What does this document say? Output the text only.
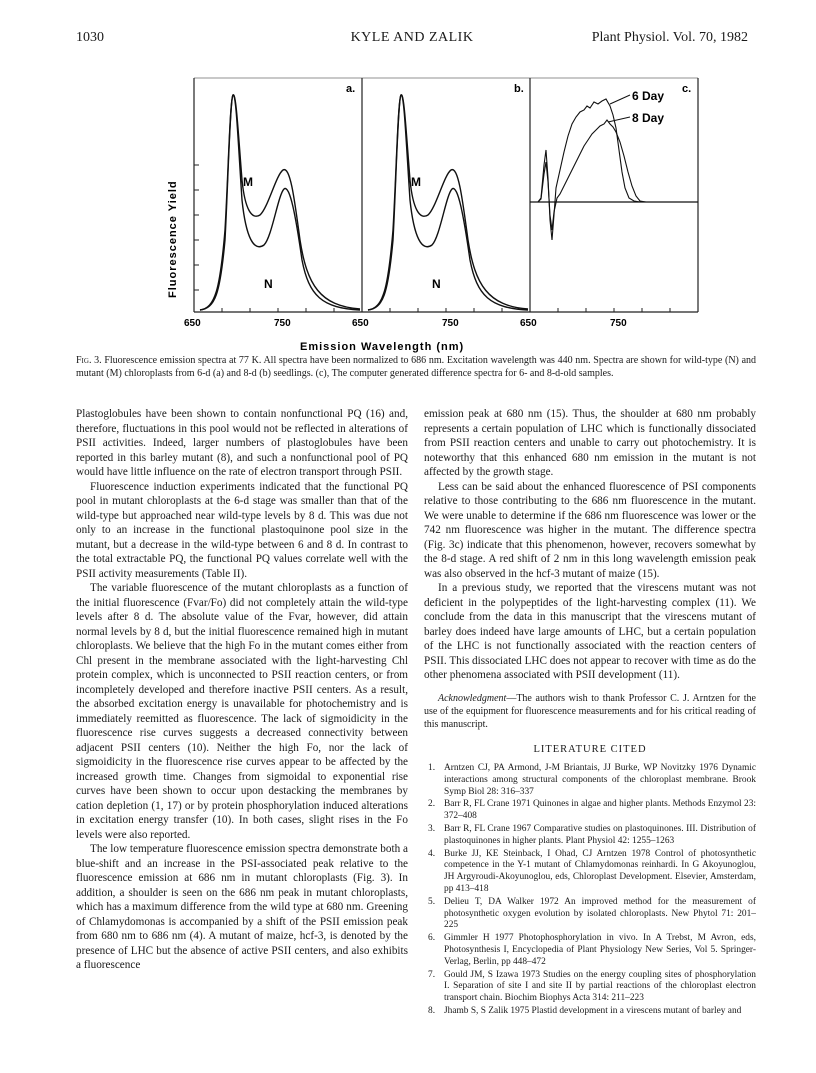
1030	KYLE AND ZALIK	Plant Physiol. Vol. 70, 1982
Fluorescence Yield
a.
M
N
650	750
b.
M
N
650	750
c.
6 Day
8 Day
650	750
Emission Wavelength (nm)
Fig. 3. Fluorescence emission spectra at 77 K. All spectra have been normalized to 686 nm. Excitation wavelength was 440 nm. Spectra are shown for wild-type (N) and mutant (M) chloroplasts from 6-d (a) and 8-d (b) seedlings. (c), The computer generated difference spectra for 6- and 8-d-old samples.

Plastoglobules have been shown to contain nonfunctional PQ (16) and, therefore, fluctuations in this pool would not be reflected in alterations of PSII activities. Indeed, larger numbers of plastoglobules have been reported in this barley mutant (8), and such a nonfunctional pool of PQ would have little influence on the rate of electron transport through PSII.

Fluorescence induction experiments indicated that the functional PQ pool in mutant chloroplasts at the 6-d stage was smaller than that of the wild-type but approached near wild-type levels by 8 d. This was due not only to an increase in the functional plastoquinone pool size in the mutant, but a decrease in the wild-type between 6 and 8 d. In contrast to the total extractable PQ, the functional PQ values correlate well with the PSII activity measurements (Table II).

The variable fluorescence of the mutant chloroplasts as a function of the initial fluorescence (Fvar/Fo) did not completely attain the wild-type levels after 8 d. The absolute value of the Fvar, however, did attain normal levels by 8 d, but the initial fluorescence remained high in mutant chloroplasts. We believe that the high Fo in the mutant comes either from Chl present in the membrane associated with the light-harvesting Chl protein complex, which is unconnected to PSII reaction centers, or from incompletely developed and therefore inactive PSII centers. As a result, the absorbed excitation energy is unavailable for photochemistry and is immediately reemitted as fluorescence. The lack of sigmoidicity in the fluorescence rise curves suggests a decreased connectivity between adjacent PSII centers (10). Neither the high Fo, nor the lack of sigmoidicity in the fluorescence rise curves appear to be affected by the increased growth time. Changes from sigmoidal to exponential rise curves have been shown to occur upon destacking the membranes by cation depletion (1, 17) or by protein phosphorylation induced alterations in excitation energy transfer (10). In both cases, slight rises in the Fo levels were also reported.

The low temperature fluorescence emission spectra demonstrate both a blue-shift and an increase in the PSI-associated peak relative to the fluorescence emission at 686 nm in mutant chloroplasts (Fig. 3). In addition, a shoulder is seen on the 686 nm peak in mutant chloroplasts, which has a maximum difference from the wild type at 680 nm. Greening of Chlamydomonas is accompanied by a shift of the PSII emission peak from 680 nm to 686 nm (4). A mutant of maize, hcf-3, is denoted by the presence of LHC but the absence of active PSII centers, and also exhibits a fluorescence

emission peak at 680 nm (15). Thus, the shoulder at 680 nm probably represents a certain population of LHC which is functionally dissociated from PSII reaction centers and unable to carry out photochemistry. It is noteworthy that this enhanced 680 nm emission in the mutant is not affected by the growth stage.

Less can be said about the enhanced fluorescence of PSI components relative to those contributing to the 686 nm fluorescence in the mutant. We were unable to determine if the 686 nm fluorescence was lower or the 742 nm fluorescence was higher in the mutant. The difference spectra (Fig. 3c) indicate that this phenomenon, however, recovers somewhat by the 8-d stage. A red shift of 2 nm in this long wavelength emission peak was also observed in the hcf-3 mutant of maize (15).

In a previous study, we reported that the virescens mutant was not deficient in the polypeptides of the light-harvesting complex (11). We conclude from the data in this manuscript that the virescens mutant of barley does indeed have large amounts of LHC, but a certain population of the LHC is not functionally associated with the reaction centers of PSII. This dissociated LHC does not appear to recover with time as do the other phenomena associated with PSII development (11).

Acknowledgment—The authors wish to thank Professor C. J. Arntzen for the use of the equipment for fluorescence measurements and for his critical reading of this manuscript.

LITERATURE CITED
1. Arntzen CJ, PA Armond, J-M Briantais, JJ Burke, WP Novitzky 1976 Dynamic interactions among structural components of the chloroplast membrane. Brook Symp Biol 28: 316–337
2. Barr R, FL Crane 1971 Quinones in algae and higher plants. Methods Enzymol 23: 372–408
3. Barr R, FL Crane 1967 Comparative studies on plastoquinones. III. Distribution of plastoquinones in higher plants. Plant Physiol 42: 1255–1263
4. Burke JJ, KE Steinback, I Ohad, CJ Arntzen 1978 Control of photosynthetic competence in the Y-1 mutant of Chlamydomonas reinhardi. In G Akoyunoglou, JH Argyroudi-Akoyunoglou, eds, Chloroplast Development. Elsevier, Amsterdam, pp 413–418
5. Delieu T, DA Walker 1972 An improved method for the measurement of photosynthetic oxygen evolution by isolated chloroplasts. New Phytol 71: 201–225
6. Gimmler H 1977 Photophosphorylation in vivo. In A Trebst, M Avron, eds, Photosynthesis I, Encyclopedia of Plant Physiology New Series, Vol 5. Springer-Verlag, Berlin, pp 448–472
7. Gould JM, S Izawa 1973 Studies on the energy coupling sites of phosphorylation I. Separation of site I and site II by partial reactions of the chloroplast electron transport chain. Biochim Biophys Acta 314: 211–223
8. Jhamb S, S Zalik 1975 Plastid development in a virescens mutant of barley and
